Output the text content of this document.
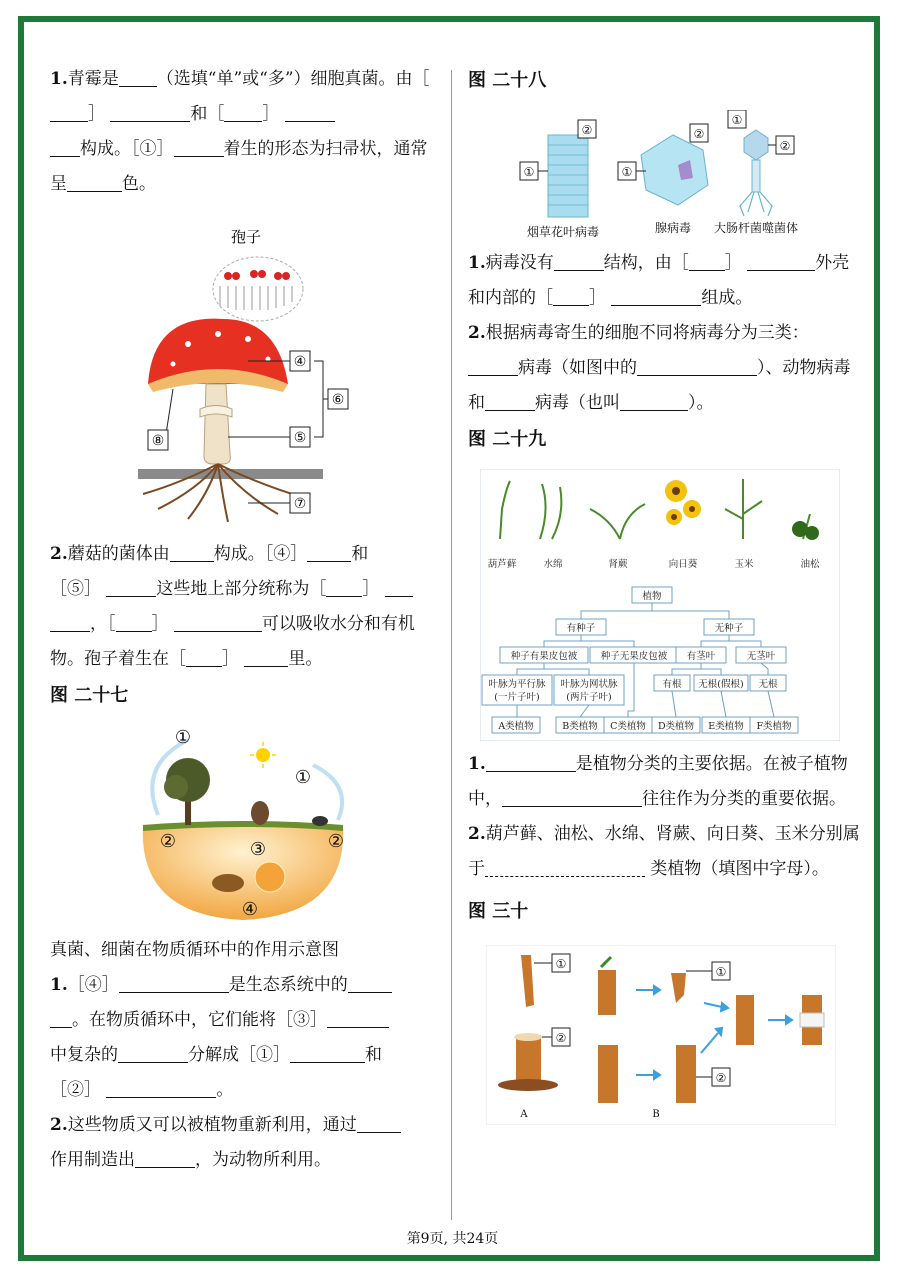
1.青霉是 （选填“单”或“多”）细胞真菌。由［］	和［ ］
构成。［①］	着生的形态为扫帚状，通常呈	色。

孢子
④
⑤
⑥
⑦
⑧

2.蘑菇的菌体由	构成。［④］	和
［⑤］	这些地上部分统称为［ ］
，［ ］	可以吸收水分和有机物。孢子着生在［ ］	里。

图 二十七

①
①
②	②
③
④

真菌、细菌在物质循环中的作用示意图

1.［④］	是生态系统中的
。在物质循环中，它们能将［③］
中复杂的	分解成［①］	和
［②］	。

2.这些物质又可以被植物重新利用，通过
作用制造出	，为动物所利用。

图 二十八

①
②
①
②
①
②
烟草花叶病毒	腺病毒 大肠杆菌噬菌体

1.病毒没有	结构，由［ ］	外壳和内部的［ ］	组成。

2.根据病毒寄生的细胞不同将病毒分为三类：
病毒（如图中的	）、动物病毒和	病毒（也叫	）。

图 二十九

葫芦藓	水绵	肾蕨	向日葵	玉米	油松
植物
有种子	无种子
种子有果皮包被 种子无果皮包被 有茎叶	无茎叶
叶脉为平行脉
(一片子叶)
叶脉为网状脉
(两片子叶)
有根 无根(假根) 无根
A类植物	B类植物 C类植物 D类植物 E类植物 F类植物

1.	是植物分类的主要依据。在被子植物中，	往往作为分类的重要依据。

2.葫芦藓、油松、水绵、肾蕨、向日葵、玉米分别属于	类植物（填图中字母）。

图 三十

①
②
①
②
A	B
第9页, 共24页
